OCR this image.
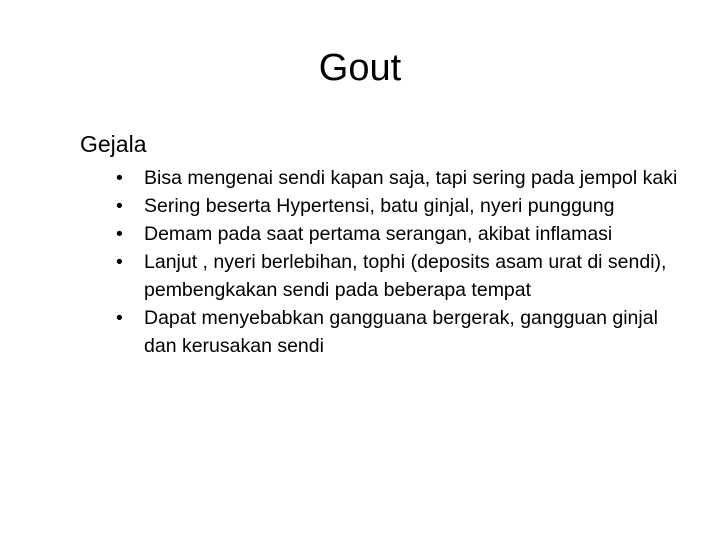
Gout

Gejala

•	Bisa mengenai sendi kapan saja, tapi sering pada jempol kaki
•	Sering beserta Hypertensi, batu ginjal, nyeri punggung
•	Demam pada saat pertama serangan, akibat inflamasi
•	Lanjut , nyeri berlebihan, tophi (deposits asam urat di sendi), pembengkakan sendi pada beberapa tempat
•	Dapat menyebabkan gangguana bergerak, gangguan ginjal dan kerusakan sendi
